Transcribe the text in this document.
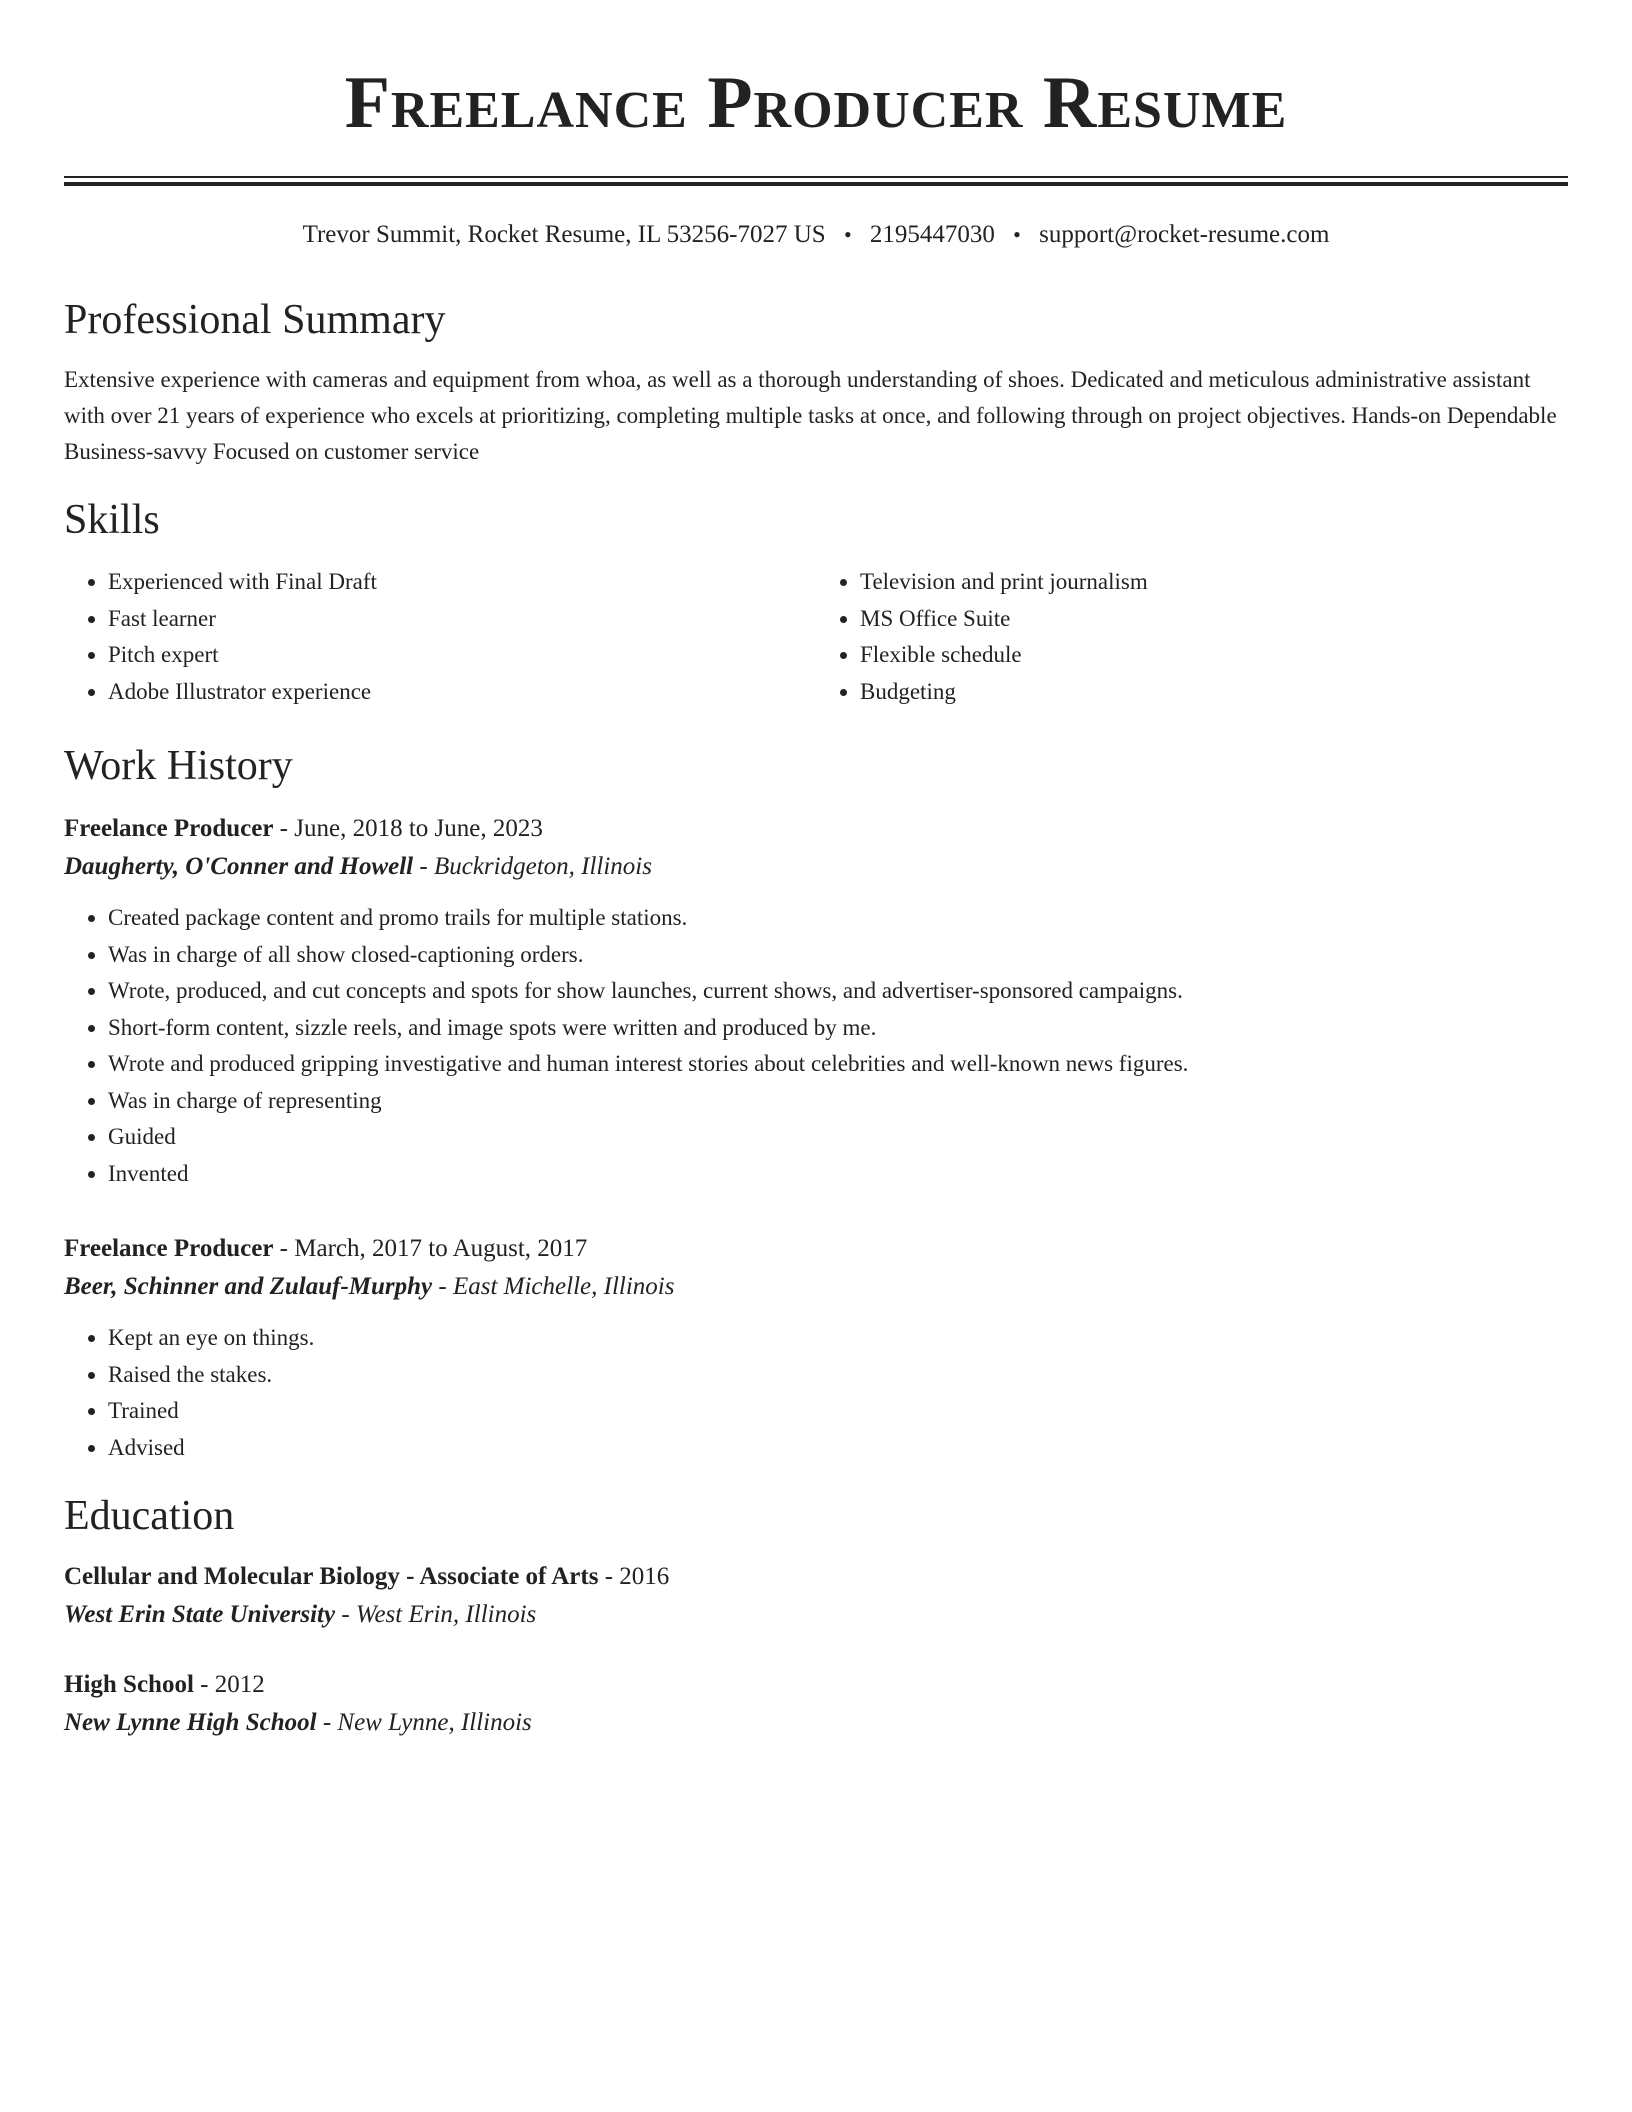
Freelance Producer Resume
Trevor Summit, Rocket Resume, IL 53256-7027 US • 2195447030 • support@rocket-resume.com
Professional Summary
Extensive experience with cameras and equipment from whoa, as well as a thorough understanding of shoes. Dedicated and meticulous administrative assistant with over 21 years of experience who excels at prioritizing, completing multiple tasks at once, and following through on project objectives. Hands-on Dependable Business-savvy Focused on customer service
Skills
• Experienced with Final Draft
• Fast learner
• Pitch expert
• Adobe Illustrator experience
• Television and print journalism
• MS Office Suite
• Flexible schedule
• Budgeting
Work History
Freelance Producer - June, 2018 to June, 2023
Daugherty, O'Conner and Howell - Buckridgeton, Illinois
• Created package content and promo trails for multiple stations.
• Was in charge of all show closed-captioning orders.
• Wrote, produced, and cut concepts and spots for show launches, current shows, and advertiser-sponsored campaigns.
• Short-form content, sizzle reels, and image spots were written and produced by me.
• Wrote and produced gripping investigative and human interest stories about celebrities and well-known news figures.
• Was in charge of representing
• Guided
• Invented
Freelance Producer - March, 2017 to August, 2017
Beer, Schinner and Zulauf-Murphy - East Michelle, Illinois
• Kept an eye on things.
• Raised the stakes.
• Trained
• Advised
Education
Cellular and Molecular Biology - Associate of Arts - 2016
West Erin State University - West Erin, Illinois
High School - 2012
New Lynne High School - New Lynne, Illinois
